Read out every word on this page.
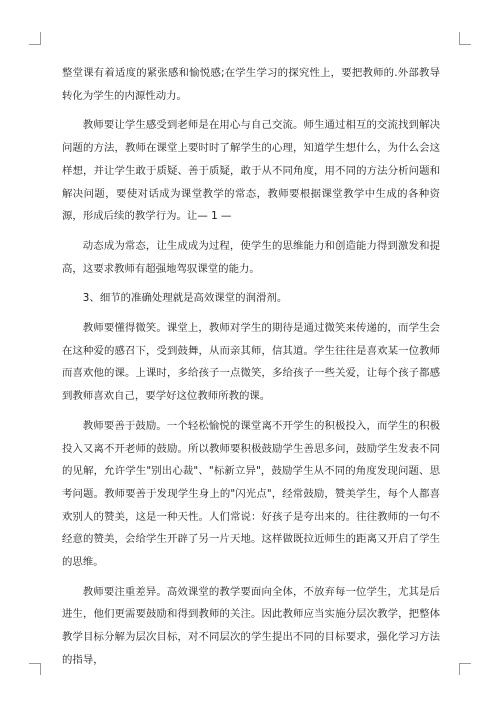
整堂课有着适度的紧张感和愉悦感;在学生学习的探究性上，要把教师的.外部教导转化为学生的内源性动力。

教师要让学生感受到老师是在用心与自己交流。师生通过相互的交流找到解决问题的方法，教师在课堂上要时时了解学生的心理，知道学生想什么，为什么会这样想，并让学生敢于质疑、善于质疑，敢于从不同角度，用不同的方法分析问题和解决问题，要使对话成为课堂教学的常态，教师要根据课堂教学中生成的各种资源，形成后续的教学行为。让— 1 —

动态成为常态，让生成成为过程，使学生的思维能力和创造能力得到激发和提高，这要求教师有超强地驾驭课堂的能力。

3、细节的准确处理就是高效课堂的润滑剂。

教师要懂得微笑。课堂上，教师对学生的期待是通过微笑来传递的，而学生会在这种爱的感召下，受到鼓舞，从而亲其师，信其道。学生往往是喜欢某一位教师而喜欢他的课。上课时，多给孩子一点微笑，多给孩子一些关爱，让每个孩子都感到教师喜欢自己，要学好这位教师所教的课。

教师要善于鼓励。一个轻松愉悦的课堂离不开学生的积极投入，而学生的积极投入又离不开老师的鼓励。所以教师要积极鼓励学生善思多问，鼓励学生发表不同的见解，允许学生"别出心裁"、"标新立异"，鼓励学生从不同的角度发现问题、思考问题。教师要善于发现学生身上的"闪光点"，经常鼓励，赞美学生，每个人都喜欢别人的赞美，这是一种天性。人们常说：好孩子是夸出来的。往往教师的一句不经意的赞美，会给学生开辟了另一片天地。这样做既拉近师生的距离又开启了学生的思维。

教师要注重差异。高效课堂的教学要面向全体，不放弃每一位学生，尤其是后进生，他们更需要鼓励和得到教师的关注。因此教师应当实施分层次教学，把整体教学目标分解为层次目标，对不同层次的学生提出不同的目标要求，强化学习方法的指导，
